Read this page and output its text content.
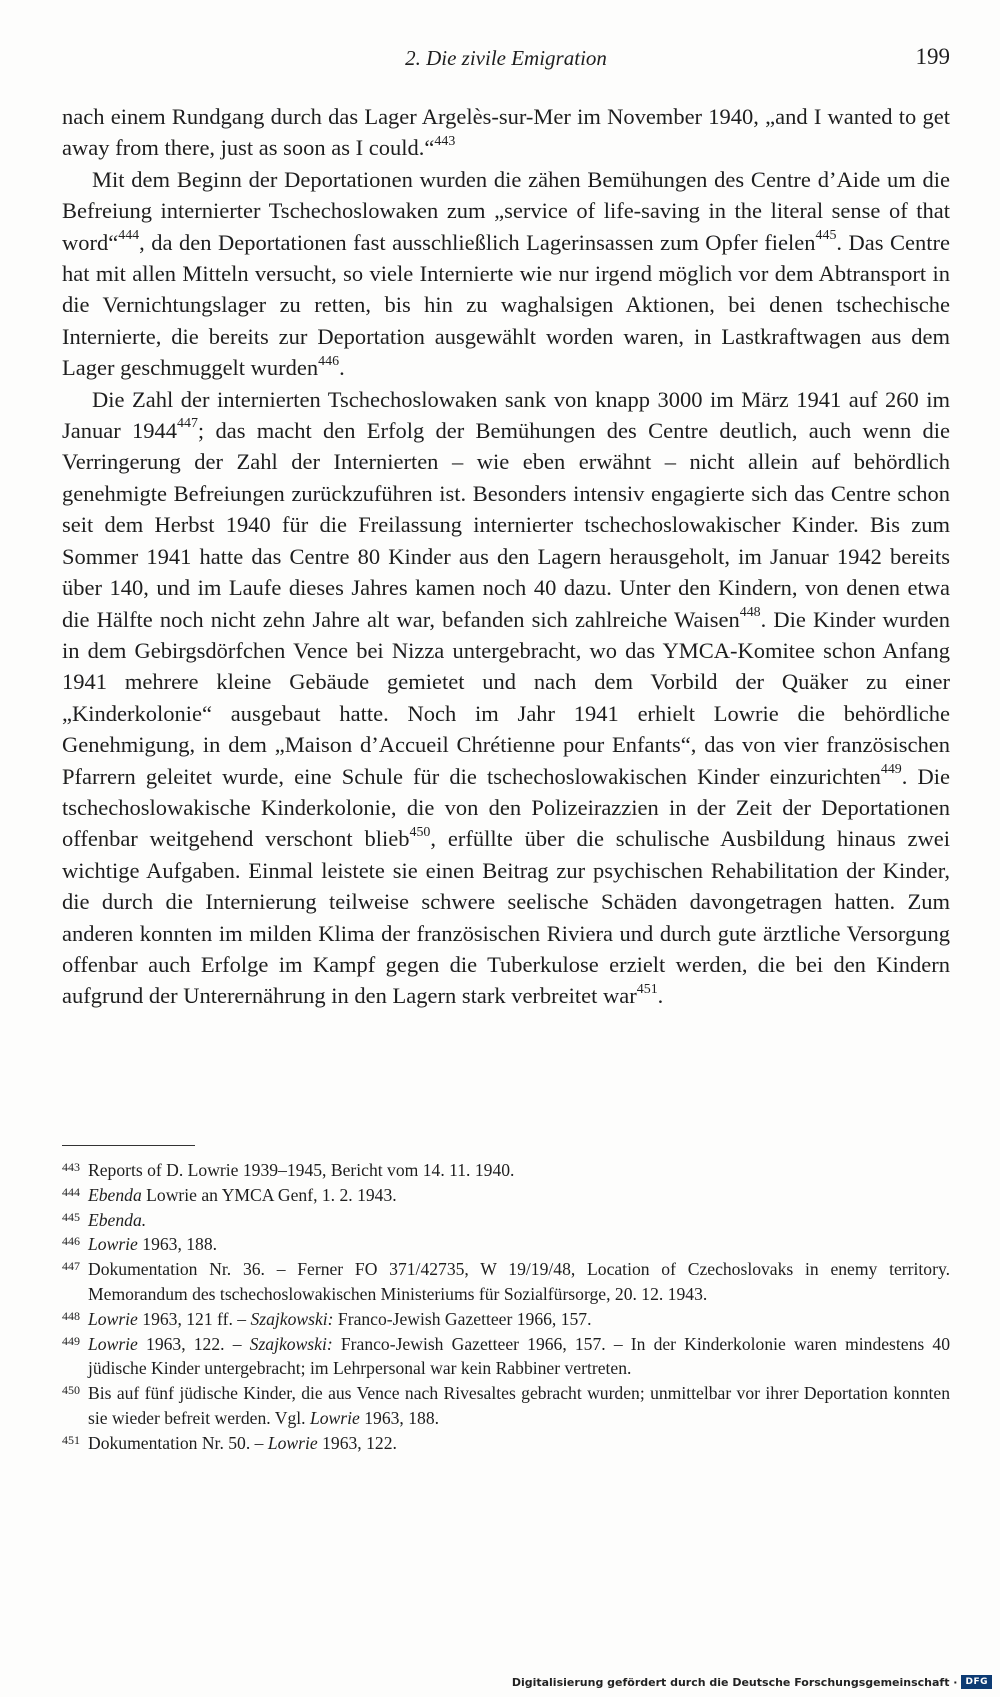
2. Die zivile Emigration	199

nach einem Rundgang durch das Lager Argelès-sur-Mer im November 1940, „and I wanted to get away from there, just as soon as I could.“$^{443}$

Mit dem Beginn der Deportationen wurden die zähen Bemühungen des Centre d’Aide um die Befreiung internierter Tschechoslowaken zum „service of life-saving in the literal sense of that word“$^{444}$, da den Deportationen fast ausschließlich Lagerinsassen zum Opfer fielen$^{445}$. Das Centre hat mit allen Mitteln versucht, so viele Internierte wie nur irgend möglich vor dem Abtransport in die Vernichtungslager zu retten, bis hin zu waghalsigen Aktionen, bei denen tschechische Internierte, die bereits zur Deportation ausgewählt worden waren, in Lastkraftwagen aus dem Lager geschmuggelt wurden$^{446}$.

Die Zahl der internierten Tschechoslowaken sank von knapp 3000 im März 1941 auf 260 im Januar 1944$^{447}$; das macht den Erfolg der Bemühungen des Centre deutlich, auch wenn die Verringerung der Zahl der Internierten – wie eben erwähnt – nicht allein auf behördlich genehmigte Befreiungen zurückzuführen ist. Besonders intensiv engagierte sich das Centre schon seit dem Herbst 1940 für die Freilassung internierter tschechoslowakischer Kinder. Bis zum Sommer 1941 hatte das Centre 80 Kinder aus den Lagern herausgeholt, im Januar 1942 bereits über 140, und im Laufe dieses Jahres kamen noch 40 dazu. Unter den Kindern, von denen etwa die Hälfte noch nicht zehn Jahre alt war, befanden sich zahlreiche Waisen$^{448}$. Die Kinder wurden in dem Gebirgsdörfchen Vence bei Nizza untergebracht, wo das YMCA-Komitee schon Anfang 1941 mehrere kleine Gebäude gemietet und nach dem Vorbild der Quäker zu einer „Kinderkolonie“ ausgebaut hatte. Noch im Jahr 1941 erhielt Lowrie die behördliche Genehmigung, in dem „Maison d’Accueil Chrétienne pour Enfants“, das von vier französischen Pfarrern geleitet wurde, eine Schule für die tschechoslowakischen Kinder einzurichten$^{449}$. Die tschechoslowakische Kinderkolonie, die von den Polizeirazzien in der Zeit der Deportationen offenbar weitgehend verschont blieb$^{450}$, erfüllte über die schulische Ausbildung hinaus zwei wichtige Aufgaben. Einmal leistete sie einen Beitrag zur psychischen Rehabilitation der Kinder, die durch die Internierung teilweise schwere seelische Schäden davongetragen hatten. Zum anderen konnten im milden Klima der französischen Riviera und durch gute ärztliche Versorgung offenbar auch Erfolge im Kampf gegen die Tuberkulose erzielt werden, die bei den Kindern aufgrund der Unterernährung in den Lagern stark verbreitet war$^{451}$.

443 Reports of D. Lowrie 1939–1945, Bericht vom 14. 11. 1940.
444 Ebenda Lowrie an YMCA Genf, 1. 2. 1943.
445 Ebenda.
446 Lowrie 1963, 188.
447 Dokumentation Nr. 36. – Ferner FO 371/42735, W 19/19/48, Location of Czechoslovaks in enemy territory. Memorandum des tschechoslowakischen Ministeriums für Sozialfürsorge, 20. 12. 1943.
448 Lowrie 1963, 121 ff. – Szajkowski: Franco-Jewish Gazetteer 1966, 157.
449 Lowrie 1963, 122. – Szajkowski: Franco-Jewish Gazetteer 1966, 157. – In der Kinderkolonie waren mindestens 40 jüdische Kinder untergebracht; im Lehrpersonal war kein Rabbiner vertreten.
450 Bis auf fünf jüdische Kinder, die aus Vence nach Rivesaltes gebracht wurden; unmittelbar vor ihrer Deportation konnten sie wieder befreit werden. Vgl. Lowrie 1963, 188.
451 Dokumentation Nr. 50. – Lowrie 1963, 122.
Digitalisierung gefördert durch die Deutsche Forschungsgemeinschaft · DFG
